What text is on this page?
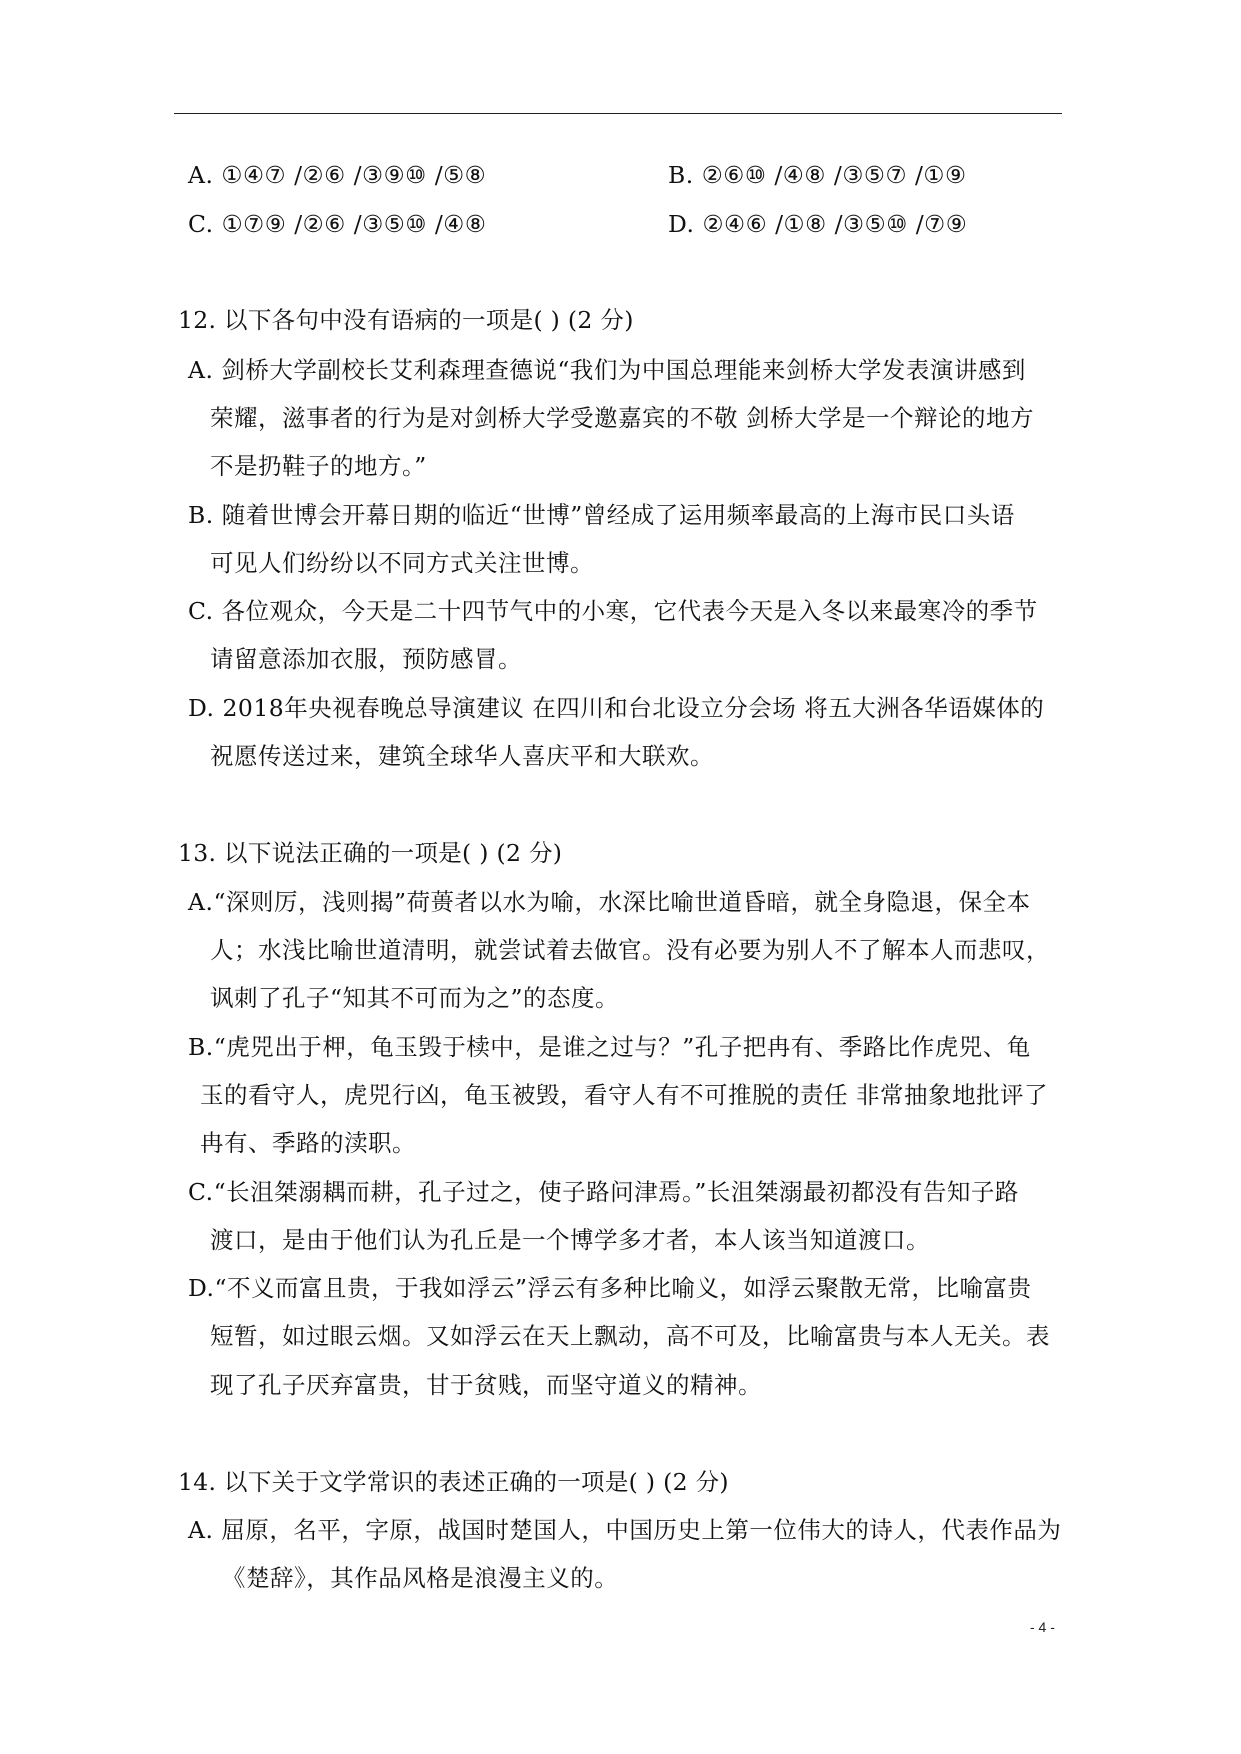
A. ①④⑦ /②⑥ /③⑨⑩ /⑤⑧	B. ②⑥⑩ /④⑧ /③⑤⑦ /①⑨
C. ①⑦⑨ /②⑥ /③⑤⑩ /④⑧	D. ②④⑥ /①⑧ /③⑤⑩ /⑦⑨
12. 以下各句中没有语病的一项是( ) (2 分)
A. 剑桥大学副校长艾利森理查德说“我们为中国总理能来剑桥大学发表演讲感到
荣耀，滋事者的行为是对剑桥大学受邀嘉宾的不敬 剑桥大学是一个辩论的地方
不是扔鞋子的地方。”
B. 随着世博会开幕日期的临近“世博”曾经成了运用频率最高的上海市民口头语
可见人们纷纷以不同方式关注世博。
C. 各位观众，今天是二十四节气中的小寒，它代表今天是入冬以来最寒冷的季节
请留意添加衣服，预防感冒。
D. 2018年央视春晚总导演建议 在四川和台北设立分会场 将五大洲各华语媒体的
祝愿传送过来，建筑全球华人喜庆平和大联欢。
13. 以下说法正确的一项是( ) (2 分)
A.“深则厉，浅则揭”荷蒉者以水为喻，水深比喻世道昏暗，就全身隐退，保全本
人；水浅比喻世道清明，就尝试着去做官。没有必要为别人不了解本人而悲叹，
讽刺了孔子“知其不可而为之”的态度。
B.“虎兕出于柙，龟玉毁于椟中，是谁之过与？”孔子把冉有、季路比作虎兕、龟
玉的看守人，虎兕行凶，龟玉被毁，看守人有不可推脱的责任 非常抽象地批评了
冉有、季路的渎职。
C.“长沮桀溺耦而耕，孔子过之，使子路问津焉。”长沮桀溺最初都没有告知子路
渡口，是由于他们认为孔丘是一个博学多才者，本人该当知道渡口。
D.“不义而富且贵，于我如浮云”浮云有多种比喻义，如浮云聚散无常，比喻富贵
短暂，如过眼云烟。又如浮云在天上飘动，高不可及，比喻富贵与本人无关。表
现了孔子厌弃富贵，甘于贫贱，而坚守道义的精神。
14. 以下关于文学常识的表述正确的一项是( ) (2 分)
A. 屈原，名平，字原，战国时楚国人，中国历史上第一位伟大的诗人，代表作品为
《楚辞》，其作品风格是浪漫主义的。
- 4 -
